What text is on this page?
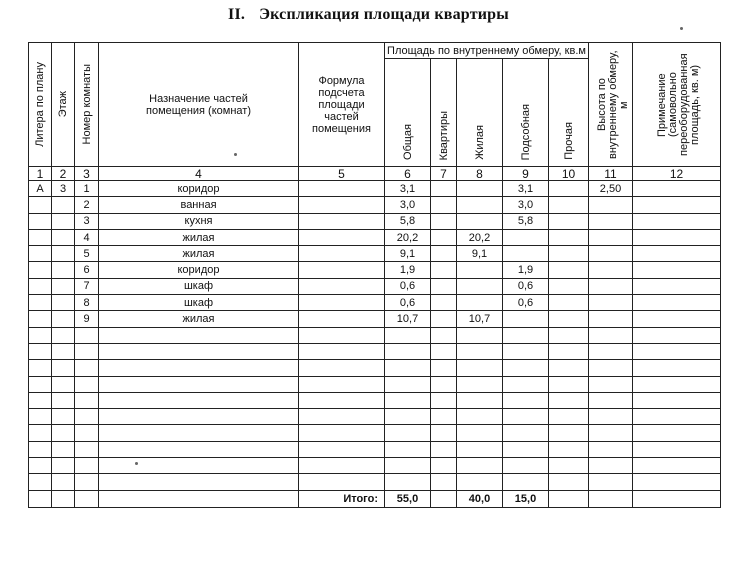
II. Экспликация площади квартиры
Литера по плану	Этаж	Номер комнаты	Назначение частей помещения (комнат)	Формула подсчета площади частей помещения	Площадь по внутреннему обмеру, кв.м					Высота по внутреннему обмеру, м	Примечание (самовольно переоборудованная площадь, кв. м)

					Общая	Квартиры	Жилая	Подсобная	Прочая		

1	2	3	4	5	6	7	8	9	10	11	12
А	3	1	коридор		3,1			3,1		2,50	
		2	ванная		3,0			3,0			
		3	кухня		5,8			5,8			
		4	жилая		20,2		20,2				
		5	жилая		9,1		9,1				
		6	коридор		1,9			1,9			
		7	шкаф		0,6			0,6			
		8	шкаф		0,6			0,6			
		9	жилая		10,7		10,7				

				Итого:	55,0		40,0	15,0			
